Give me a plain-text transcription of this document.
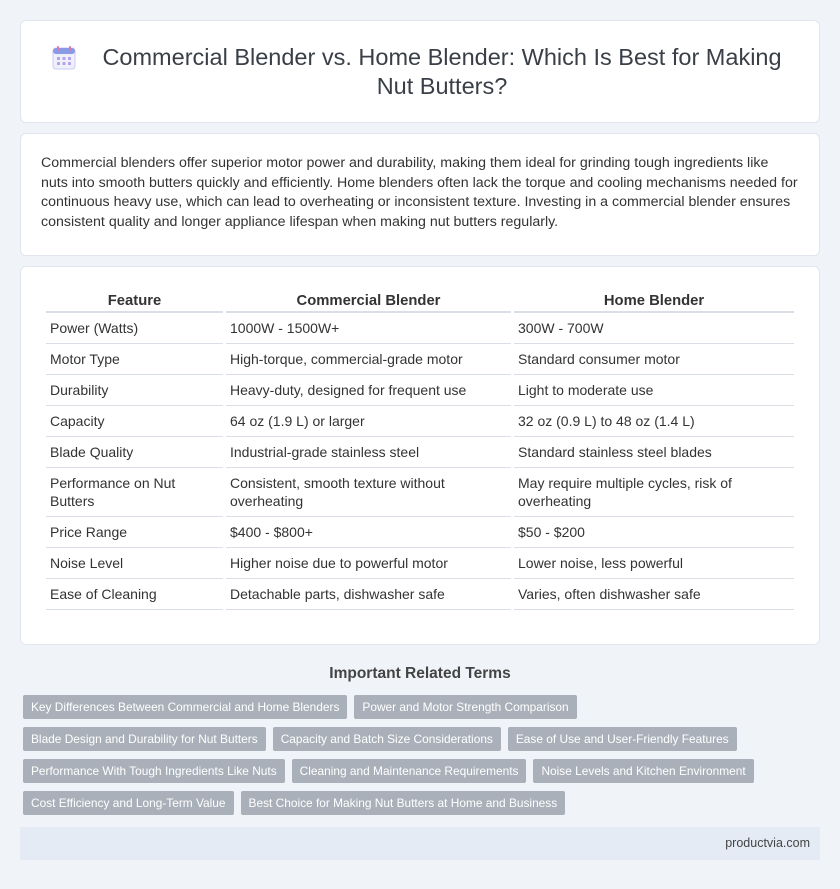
Commercial Blender vs. Home Blender: Which Is Best for Making Nut Butters?

Commercial blenders offer superior motor power and durability, making them ideal for grinding tough ingredients like nuts into smooth butters quickly and efficiently. Home blenders often lack the torque and cooling mechanisms needed for continuous heavy use, which can lead to overheating or inconsistent texture. Investing in a commercial blender ensures consistent quality and longer appliance lifespan when making nut butters regularly.

Feature	Commercial Blender	Home Blender
Power (Watts)	1000W - 1500W+	300W - 700W
Motor Type	High-torque, commercial-grade motor	Standard consumer motor
Durability	Heavy-duty, designed for frequent use	Light to moderate use
Capacity	64 oz (1.9 L) or larger	32 oz (0.9 L) to 48 oz (1.4 L)
Blade Quality	Industrial-grade stainless steel	Standard stainless steel blades
Performance on Nut Butters	Consistent, smooth texture without overheating	May require multiple cycles, risk of overheating
Price Range	$400 - $800+	$50 - $200
Noise Level	Higher noise due to powerful motor	Lower noise, less powerful
Ease of Cleaning	Detachable parts, dishwasher safe	Varies, often dishwasher safe
Important Related Terms
Key Differences Between Commercial and Home Blenders	Power and Motor Strength Comparison
Blade Design and Durability for Nut Butters	Capacity and Batch Size Considerations	Ease of Use and User-Friendly Features
Performance With Tough Ingredients Like Nuts	Cleaning and Maintenance Requirements	Noise Levels and Kitchen Environment
Cost Efficiency and Long-Term Value	Best Choice for Making Nut Butters at Home and Business
productvia.com
